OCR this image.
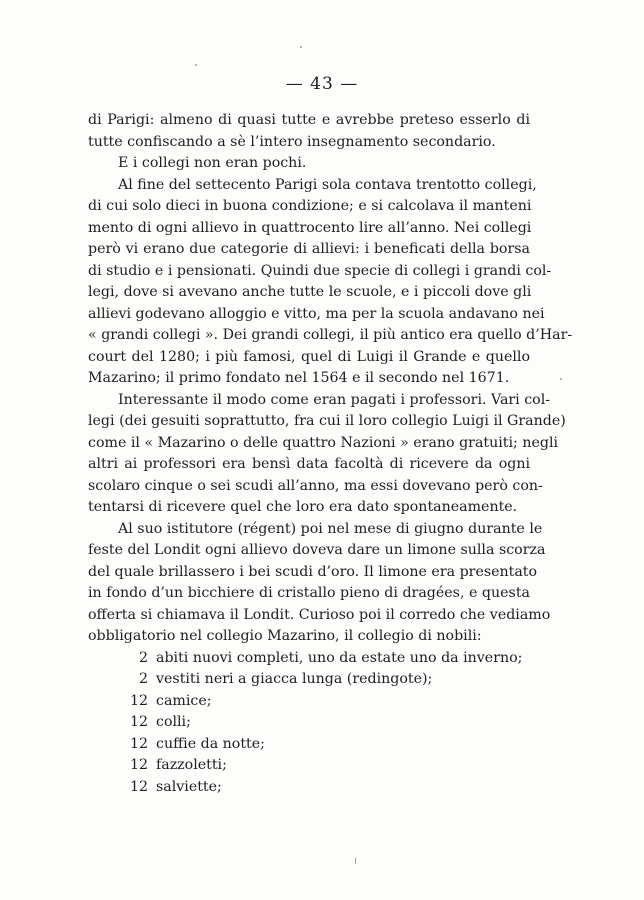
— 43 —
di Parigi: almeno di quasi tutte e avrebbe preteso esserlo di
tutte confiscando a sè l’intero insegnamento secondario.
E i collegi non eran pochi.
Al fine del settecento Parigi sola contava trentotto collegi,
di cui solo dieci in buona condizione; e si calcolava il manteni
mento di ogni allievo in quattrocento lire all’anno. Nei collegi
però vi erano due categorie di allievi: i beneficati della borsa
di studio e i pensionati. Quindi due specie di collegi i grandi col-
legi, dove si avevano anche tutte le scuole, e i piccoli dove gli
allievi godevano alloggio e vitto, ma per la scuola andavano nei
« grandi collegi ». Dei grandi collegi, il più antico era quello d’Har-
court del 1280; i più famosi, quel di Luigi il Grande e quello
Mazarino; il primo fondato nel 1564 e il secondo nel 1671.
Interessante il modo come eran pagati i professori. Vari col-
legi (dei gesuiti soprattutto, fra cui il loro collegio Luigi il Grande)
come il « Mazarino o delle quattro Nazioni » erano gratuiti; negli
altri ai professori era bensì data facoltà di ricevere da ogni
scolaro cinque o sei scudi all’anno, ma essi dovevano però con-
tentarsi di ricevere quel che loro era dato spontaneamente.
Al suo istitutore (régent) poi nel mese di giugno durante le
feste del Londit ogni allievo doveva dare un limone sulla scorza
del quale brillassero i bei scudi d’oro. Il limone era presentato
in fondo d’un bicchiere di cristallo pieno di dragées, e questa
offerta si chiamava il Londit. Curioso poi il corredo che vediamo
obbligatorio nel collegio Mazarino, il collegio di nobili:
2 abiti nuovi completi, uno da estate uno da inverno;
2 vestiti neri a giacca lunga (redingote);
12 camice;
12 colli;
12 cuffie da notte;
12 fazzoletti;
12 salviette;
